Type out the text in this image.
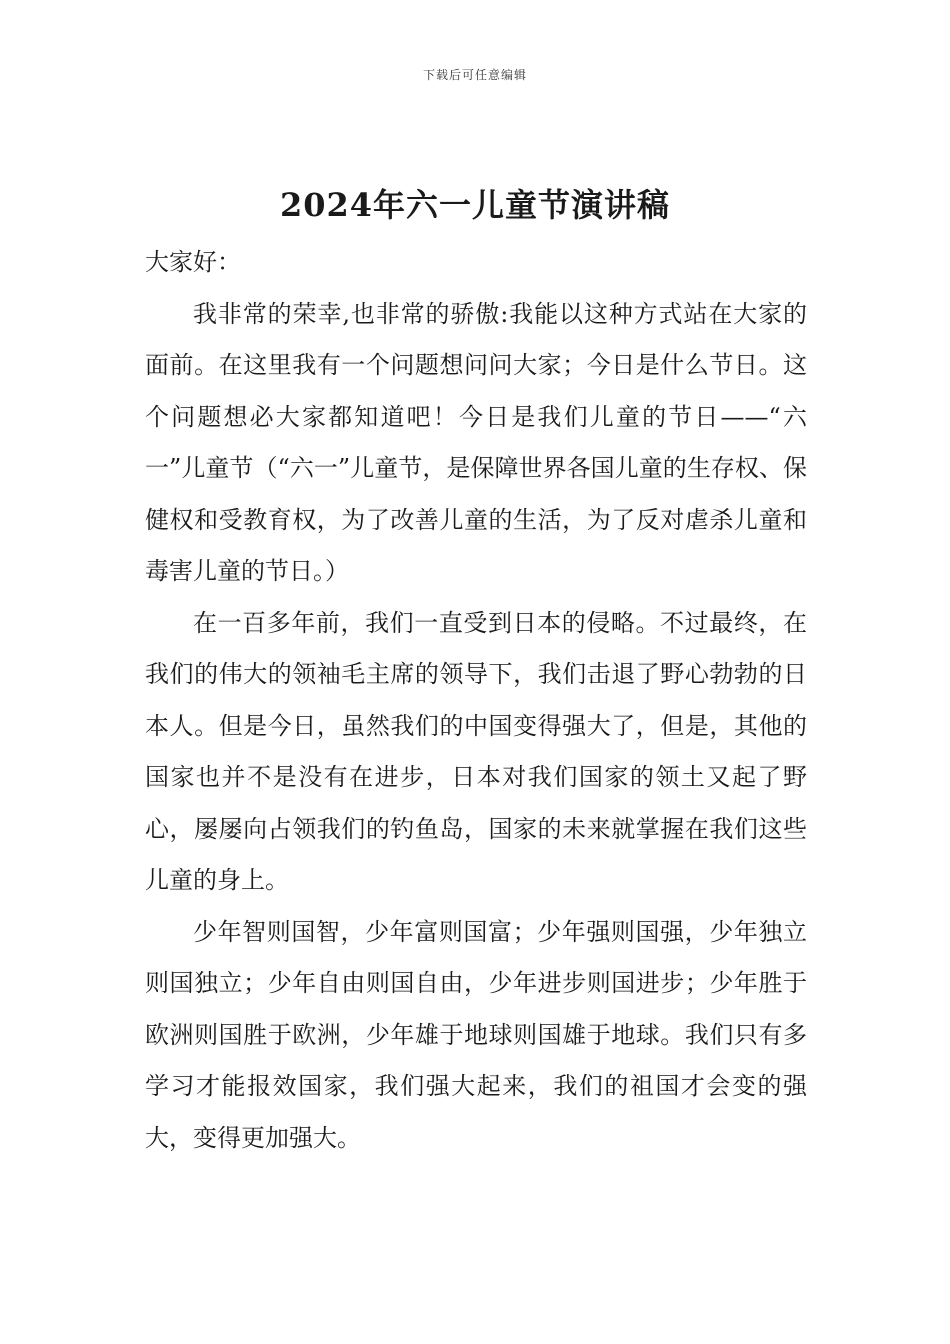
下载后可任意编辑
2024年六一儿童节演讲稿

大家好：

我非常的荣幸,也非常的骄傲:我能以这种方式站在大家的面前。在这里我有一个问题想问问大家；今日是什么节日。这个问题想必大家都知道吧！今日是我们儿童的节日——“六一”儿童节（“六一”儿童节，是保障世界各国儿童的生存权、保健权和受教育权，为了改善儿童的生活，为了反对虐杀儿童和毒害儿童的节日。）

在一百多年前，我们一直受到日本的侵略。不过最终，在我们的伟大的领袖毛主席的领导下，我们击退了野心勃勃的日本人。但是今日，虽然我们的中国变得强大了，但是，其他的国家也并不是没有在进步，日本对我们国家的领土又起了野心，屡屡向占领我们的钓鱼岛，国家的未来就掌握在我们这些儿童的身上。

少年智则国智，少年富则国富；少年强则国强，少年独立则国独立；少年自由则国自由，少年进步则国进步；少年胜于欧洲则国胜于欧洲，少年雄于地球则国雄于地球。我们只有多学习才能报效国家，我们强大起来，我们的祖国才会变的强大，变得更加强大。
